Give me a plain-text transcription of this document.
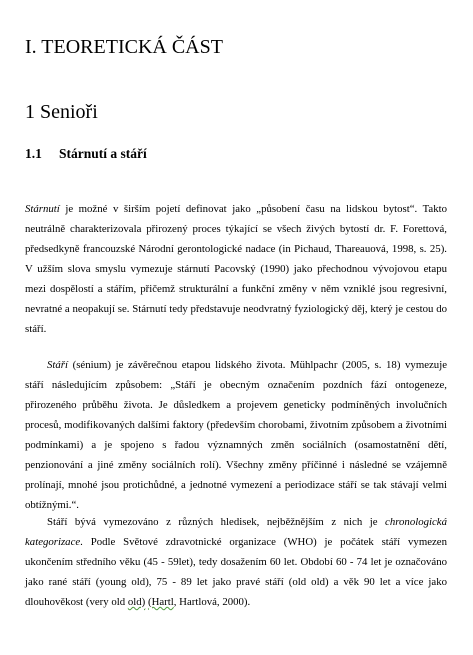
I. TEORETICKÁ ČÁST
1 Senioři
1.1 Stárnutí a stáří

Stárnutí je možné v širším pojetí definovat jako „působení času na lidskou bytost“. Takto neutrálně charakterizovala přirozený proces týkající se všech živých bytostí dr. F. Forettová, předsedkyně francouzské Národní gerontologické nadace (in Pichaud, Thareauová, 1998, s. 25). V užším slova smyslu vymezuje stárnutí Pacovský (1990) jako přechodnou vývojovou etapu mezi dospělostí a stářím, přičemž strukturální a funkční změny v něm vzniklé jsou regresivní, nevratné a neopakují se. Stárnutí tedy představuje neodvratný fyziologický děj, který je cestou do stáří.

Stáří (sénium) je závěrečnou etapou lidského života. Mühlpachr (2005, s. 18) vymezuje stáří následujícím způsobem: „Stáří je obecným označením pozdních fází ontogeneze, přirozeného průběhu života. Je důsledkem a projevem geneticky podmíněných involučních procesů, modifikovaných dalšími faktory (především chorobami, životním způsobem a životními podmínkami) a je spojeno s řadou významných změn sociálních (osamostatnění dětí, penzionování a jiné změny sociálních rolí). Všechny změny příčinné i následné se vzájemně prolínají, mnohé jsou protichůdné, a jednotné vymezení a periodizace stáří se tak stávají velmi obtížnými.“.

Stáří bývá vymezováno z různých hledisek, nejběžnějším z nich je chronologická kategorizace. Podle Světové zdravotnické organizace (WHO) je počátek stáří vymezen ukončením středního věku (45 - 59let), tedy dosažením 60 let. Období 60 - 74 let je označováno jako rané stáří (young old), 75 - 89 let jako pravé stáří (old old) a věk 90 let a více jako dlouhověkost (very old old) (Hartl, Hartlová, 2000).
